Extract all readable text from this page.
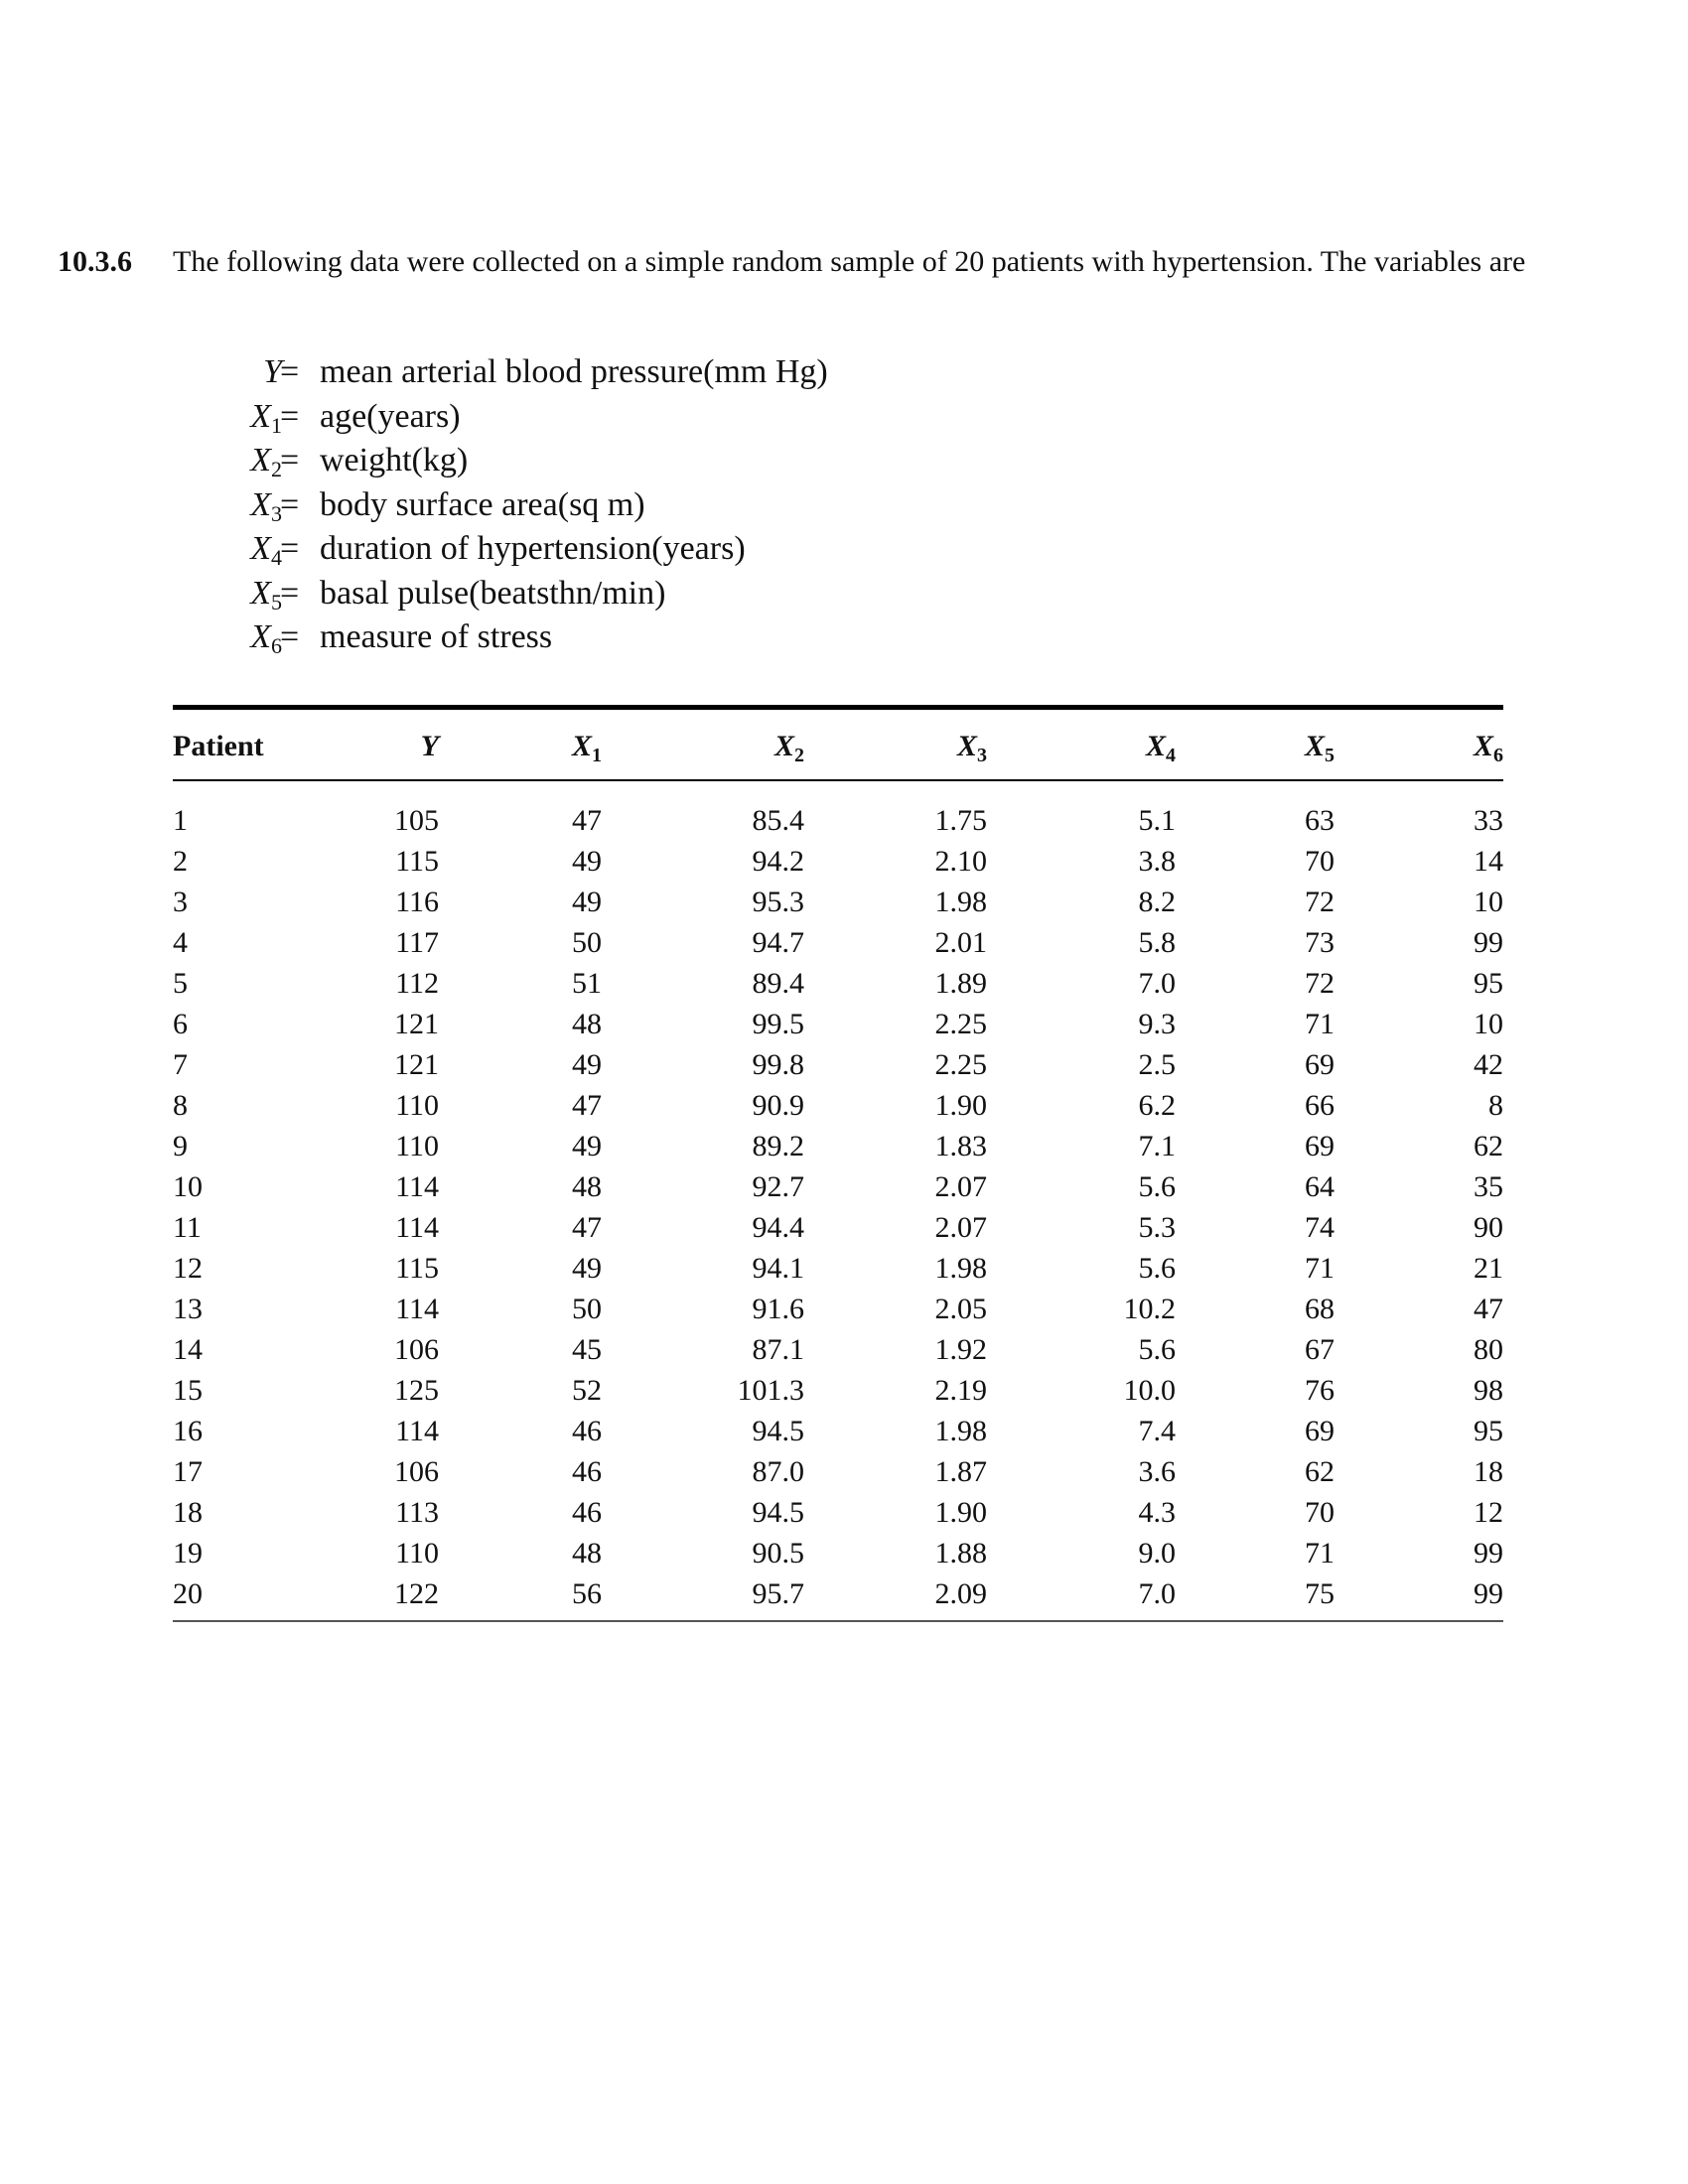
10.3.6 The following data were collected on a simple random sample of 20 patients with hypertension. The variables are
Y
= mean arterial blood pressure(mm Hg)
$X_1$
= age(years)
$X_2$
= weight(kg)
$X_3$
= body surface area(sq m)
$X_4$
= duration of hypertension(years)
$X_5$
= basal pulse(beatsthn/min)
$X_6$
= measure of stress
Patient	Y	$X_1$	$X_2$	$X_3$	$X_4$	$X_5$	$X_6$
1	105	47	85.4	1.75	5.1	63	33
2	115	49	94.2	2.10	3.8	70	14
3	116	49	95.3	1.98	8.2	72	10
4	117	50	94.7	2.01	5.8	73	99
5	112	51	89.4	1.89	7.0	72	95
6	121	48	99.5	2.25	9.3	71	10
7	121	49	99.8	2.25	2.5	69	42
8	110	47	90.9	1.90	6.2	66	8
9	110	49	89.2	1.83	7.1	69	62
10	114	48	92.7	2.07	5.6	64	35
11	114	47	94.4	2.07	5.3	74	90
12	115	49	94.1	1.98	5.6	71	21
13	114	50	91.6	2.05	10.2	68	47
14	106	45	87.1	1.92	5.6	67	80
15	125	52	101.3	2.19	10.0	76	98
16	114	46	94.5	1.98	7.4	69	95
17	106	46	87.0	1.87	3.6	62	18
18	113	46	94.5	1.90	4.3	70	12
19	110	48	90.5	1.88	9.0	71	99
20	122	56	95.7	2.09	7.0	75	99
